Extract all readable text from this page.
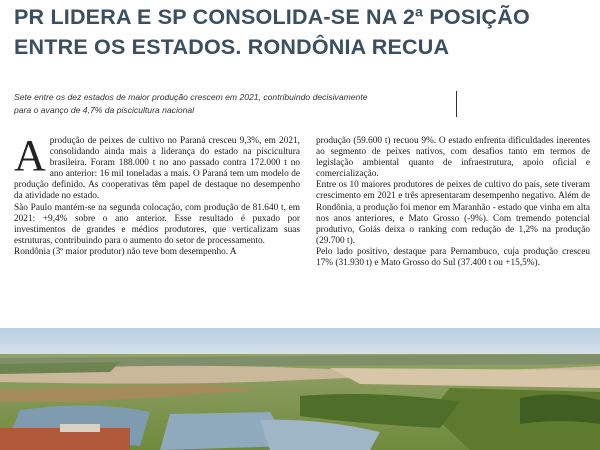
PR LIDERA E SP CONSOLIDA-SE NA 2ª POSIÇÃO
ENTRE OS ESTADOS. RONDÔNIA RECUA
Sete entre os dez estados de maior produção crescem em 2021, contribuindo decisivamente
para o avanço de 4,7% da piscicultura nacional

Aprodução de peixes de cultivo no Paraná cresceu 9,3%, em 2021, consolidando ainda mais a liderança do estado na piscicultura brasileira. Foram 188.000 t no ano passado contra 172.000 t no ano anterior: 16 mil toneladas a mais. O Paraná tem um modelo de produção definido. As cooperativas têm papel de destaque no desempenho da atividade no estado.

São Paulo mantém-se na segunda colocação, com produção de 81.640 t, em 2021: +9,4% sobre o ano anterior. Esse resultado é puxado por investimentos de grandes e médios produtores, que verticalizam suas estruturas, contribuindo para o aumento do setor de processamento.

Rondônia (3º maior produtor) não teve bom desempenho. A

produção (59.600 t) recuou 9%. O estado enfrenta dificuldades inerentes ao segmento de peixes nativos, com desafios tanto em termos de legislação ambiental quanto de infraestrutura, apoio oficial e comercialização.

Entre os 10 maiores produtores de peixes de cultivo do país, sete tiveram crescimento em 2021 e três apresentaram desempenho negativo. Além de Rondônia, a produção foi menor em Maranhão - estado que vinha em alta nos anos anteriores, e Mato Grosso (-9%). Com tremendo potencial produtivo, Goiás deixa o ranking com redução de 1,2% na produção (29.700 t).

Pelo lado positivo, destaque para Pernambuco, cuja produção cresceu 17% (31.930 t) e Mato Grosso do Sul (37.400 t ou +15,5%).
